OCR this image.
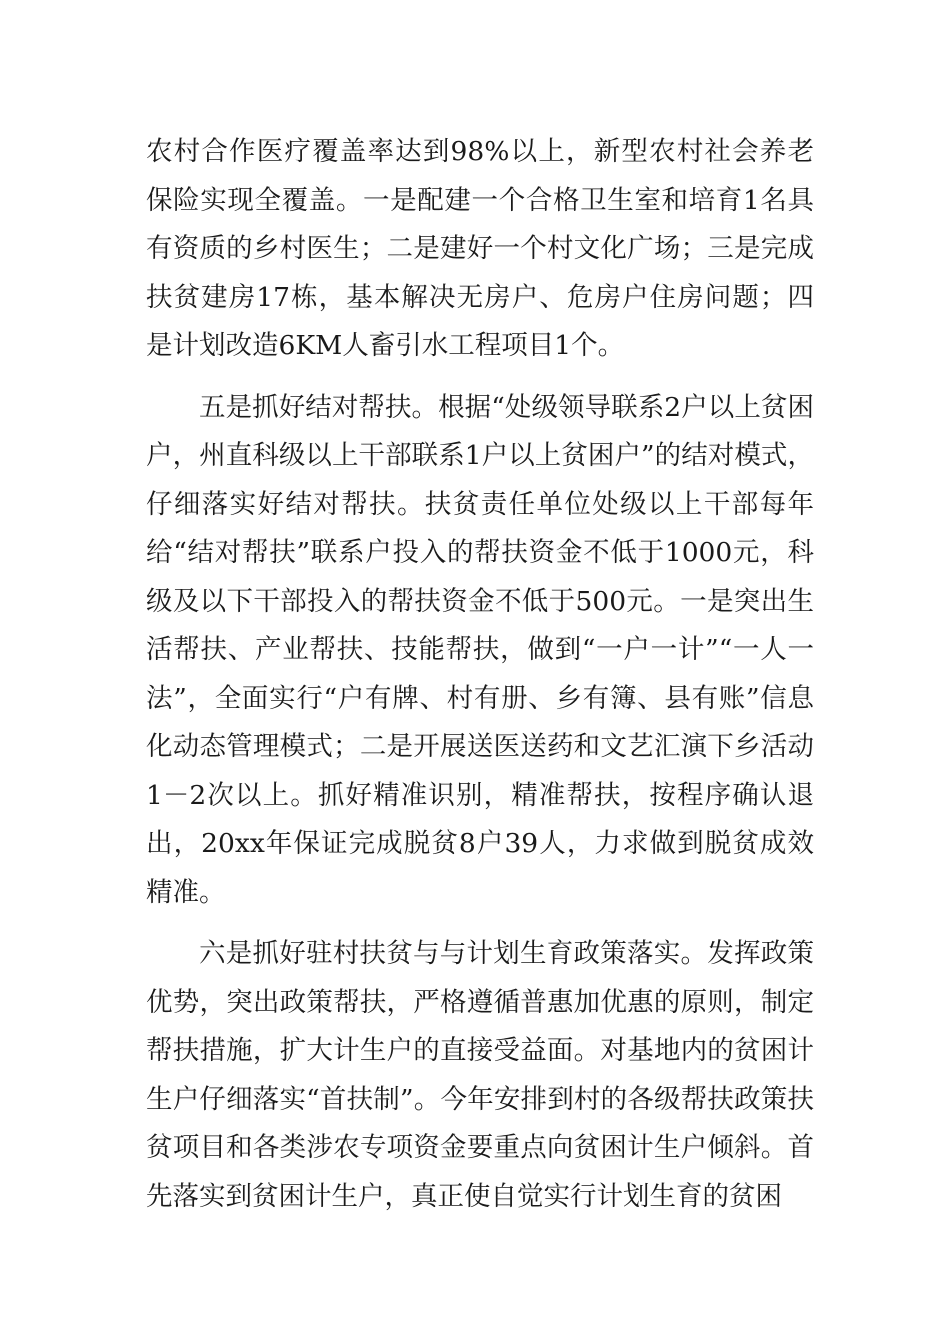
农村合作医疗覆盖率达到98%以上，新型农村社会养老保险实现全覆盖。一是配建一个合格卫生室和培育1名具有资质的乡村医生；二是建好一个村文化广场；三是完成扶贫建房17栋，基本解决无房户、危房户住房问题；四是计划改造6KM人畜引水工程项目1个。

五是抓好结对帮扶。根据“处级领导联系2户以上贫困户，州直科级以上干部联系1户以上贫困户”的结对模式，仔细落实好结对帮扶。扶贫责任单位处级以上干部每年给“结对帮扶”联系户投入的帮扶资金不低于1000元，科级及以下干部投入的帮扶资金不低于500元。一是突出生活帮扶、产业帮扶、技能帮扶，做到“一户一计”“一人一法”，全面实行“户有牌、村有册、乡有簿、县有账”信息化动态管理模式；二是开展送医送药和文艺汇演下乡活动1－2次以上。抓好精准识别，精准帮扶，按程序确认退出，20xx年保证完成脱贫8户39人，力求做到脱贫成效精准。

六是抓好驻村扶贫与与计划生育政策落实。发挥政策优势，突出政策帮扶，严格遵循普惠加优惠的原则，制定帮扶措施，扩大计生户的直接受益面。对基地内的贫困计生户仔细落实“首扶制”。今年安排到村的各级帮扶政策扶贫项目和各类涉农专项资金要重点向贫困计生户倾斜。首先落实到贫困计生户，真正使自觉实行计划生育的贫困
